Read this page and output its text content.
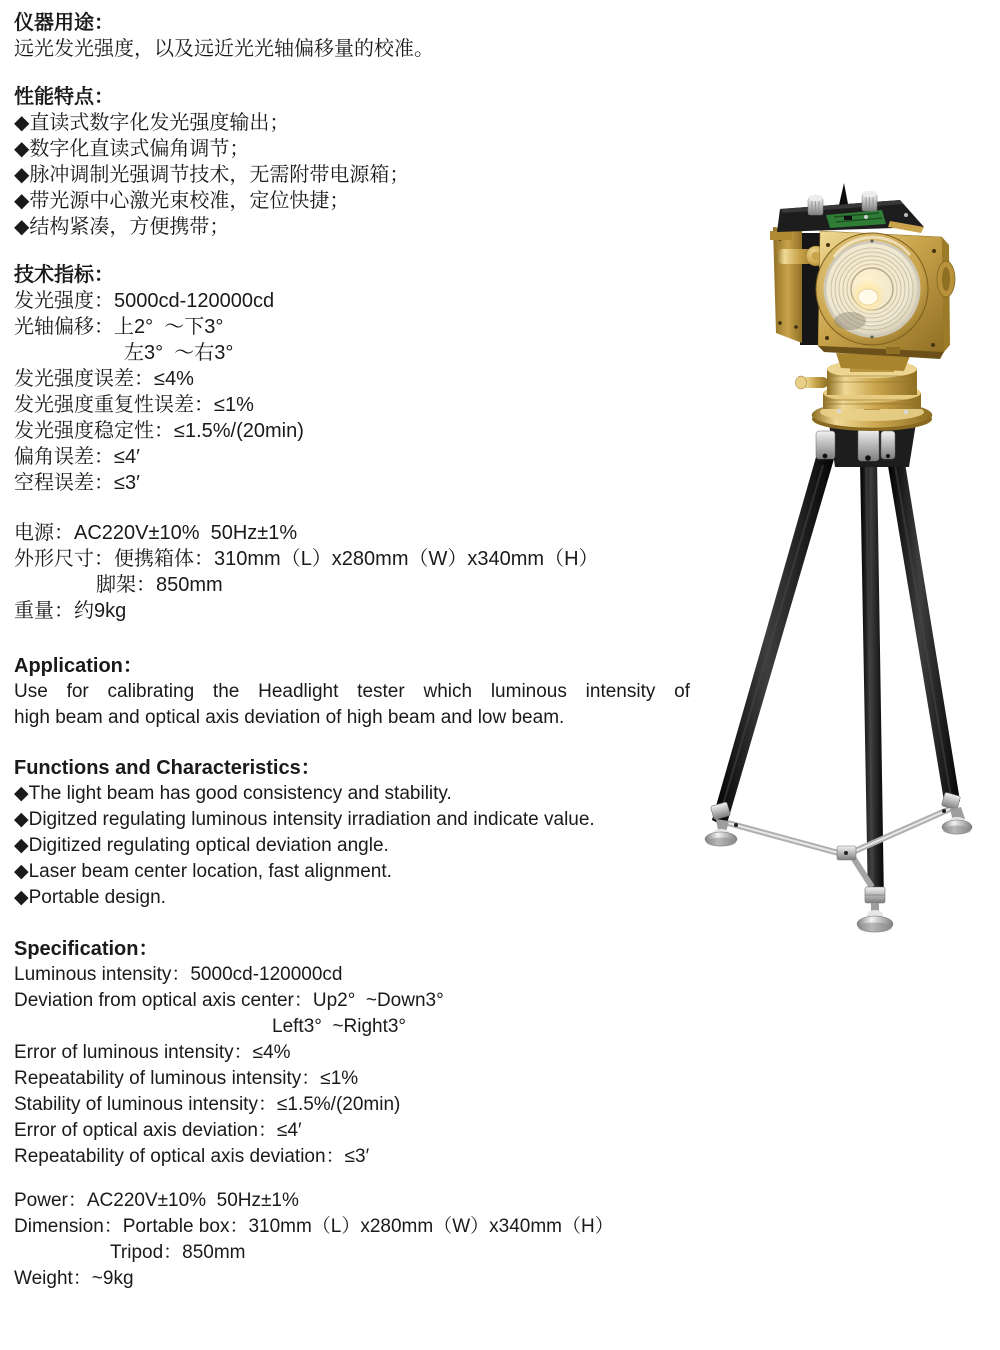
仪器用途：
远光发光强度，以及远近光光轴偏移量的校准。
性能特点：
◆直读式数字化发光强度输出；
◆数字化直读式偏角调节；
◆脉冲调制光强调节技术，无需附带电源箱；
◆带光源中心激光束校准，定位快捷；
◆结构紧凑，方便携带；
技术指标：
发光强度：5000cd-120000cd
光轴偏移：上2°  ～下3°
左3°  ～右3°
发光强度误差：≤4%
发光强度重复性误差：≤1%
发光强度稳定性：≤1.5%/(20min)
偏角误差：≤4′
空程误差：≤3′
电源：AC220V±10%  50Hz±1%
外形尺寸：便携箱体：310mm（L）x280mm（W）x340mm（H）
脚架：850mm
重量：约9kg
Application：
Use for calibrating the Headlight tester which luminous intensity of
high beam and optical axis deviation of high beam and low beam.
Functions and Characteristics：
◆The light beam has good consistency and stability.
◆Digitzed regulating luminous intensity irradiation and indicate value.
◆Digitized regulating optical deviation angle.
◆Laser beam center location, fast alignment.
◆Portable design.
Specification：
Luminous intensity：5000cd-120000cd
Deviation from optical axis center：Up2°  ~Down3°
Left3°  ~Right3°
Error of luminous intensity：≤4%
Repeatability of luminous intensity：≤1%
Stability of luminous intensity：≤1.5%/(20min)
Error of optical axis deviation：≤4′
Repeatability of optical axis deviation：≤3′
Power：AC220V±10%  50Hz±1%
Dimension：Portable box：310mm（L）x280mm（W）x340mm（H）
Tripod：850mm
Weight：~9kg
